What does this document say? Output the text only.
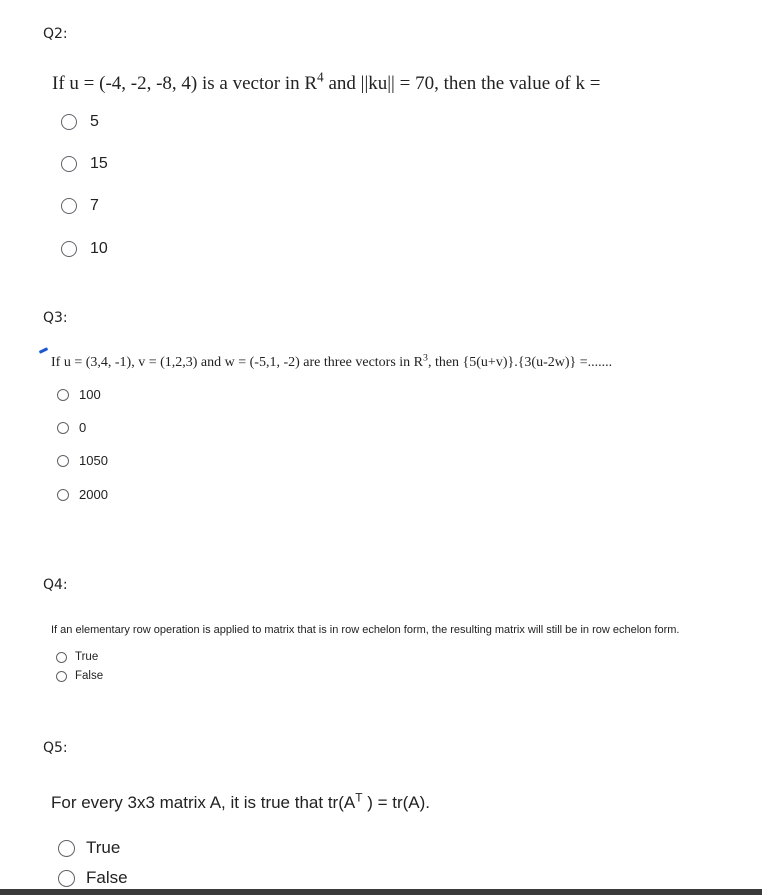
Q2:
If u = (-4, -2, -8, 4) is a vector in $R^4$ and ||ku|| = 70, then the value of k =
5
15
7
10
Q3:
If u = (3,4, -1), v = (1,2,3) and w = (-5,1, -2) are three vectors in $R^3$, then {5(u+v)}.{3(u-2w)} =.......
100
0
1050
2000
Q4:
If an elementary row operation is applied to matrix that is in row echelon form, the resulting matrix will still be in row echelon form.
True
False
Q5:
For every 3x3 matrix A, it is true that $tr(A^T$ ) = tr(A).
True
False
